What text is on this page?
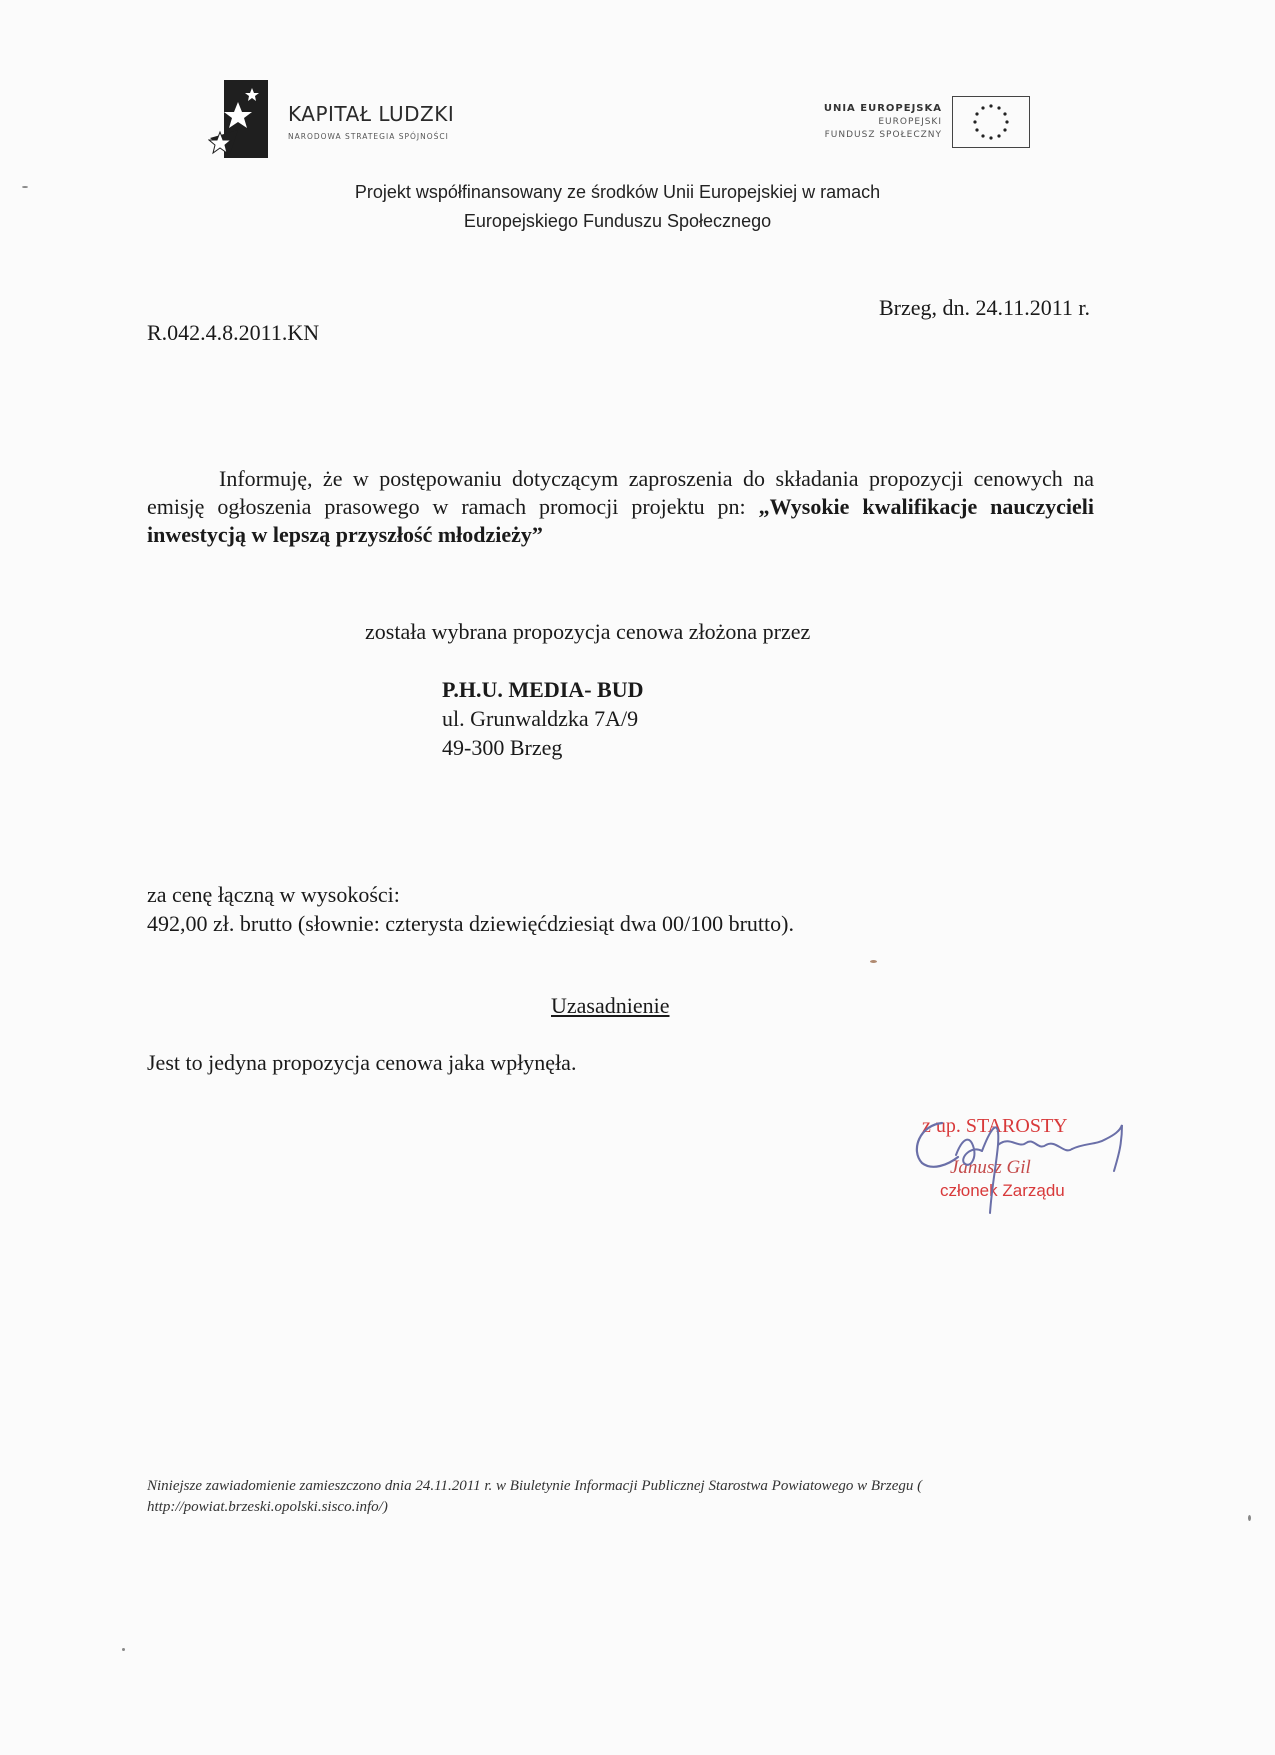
KAPITAŁ LUDZKI
NARODOWA STRATEGIA SPÓJNOŚCI
UNIA EUROPEJSKA
EUROPEJSKI
FUNDUSZ SPOŁECZNY
Projekt współfinansowany ze środków Unii Europejskiej w ramach
Europejskiego Funduszu Społecznego
Brzeg, dn. 24.11.2011 r.
R.042.4.8.2011.KN
Informuję, że w postępowaniu dotyczącym zaproszenia do składania propozycji cenowych na emisję ogłoszenia prasowego w ramach promocji projektu pn: „Wysokie kwalifikacje nauczycieli inwestycją w lepszą przyszłość młodzieży”
została wybrana propozycja cenowa złożona przez
P.H.U. MEDIA- BUD
ul. Grunwaldzka 7A/9
49-300 Brzeg
za cenę łączną w wysokości:
492,00 zł. brutto (słownie: czterysta dziewięćdziesiąt dwa 00/100 brutto).
Uzasadnienie
Jest to jedyna propozycja cenowa jaka wpłynęła.
z up. STAROSTY
Janusz Gil
członek Zarządu
Niniejsze zawiadomienie zamieszczono dnia 24.11.2011 r. w Biuletynie Informacji Publicznej Starostwa Powiatowego w Brzegu ( http://powiat.brzeski.opolski.sisco.info/)
